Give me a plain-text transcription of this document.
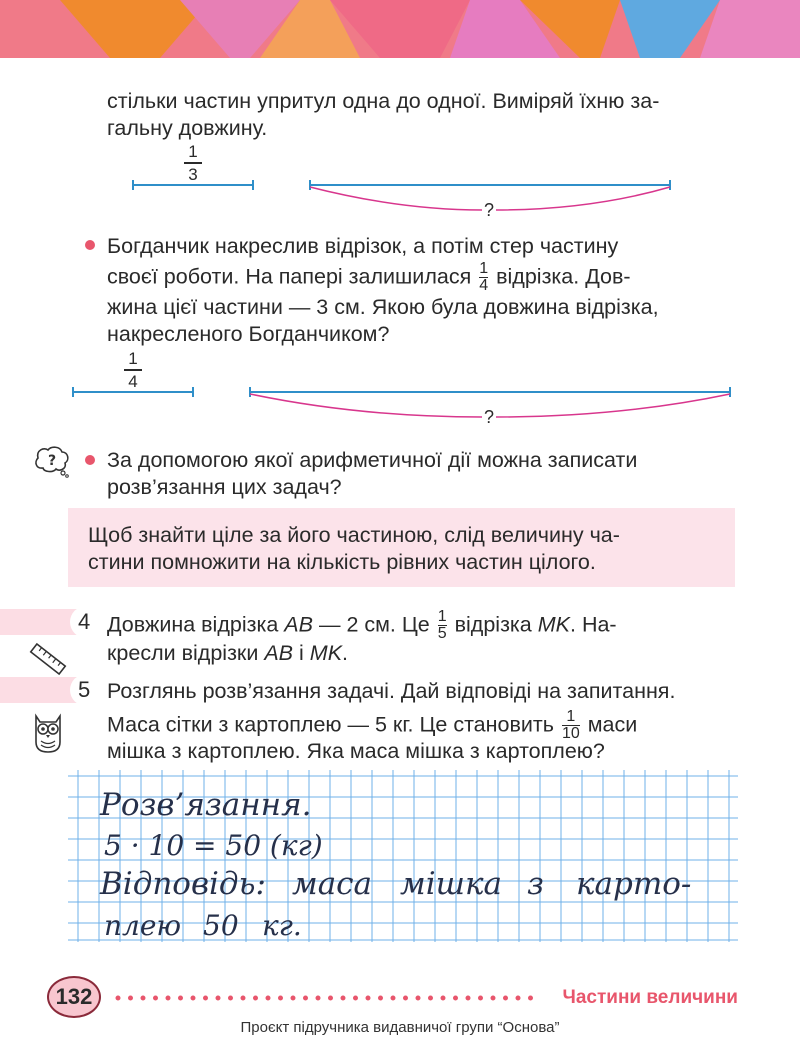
стільки частин упритул одна до одної. Виміряй їхню за-
гальну довжину.
1
3
?
Богданчик накреслив відрізок, а потім стер частину
своєї роботи. На папері залишилася $\frac{1}{4}$ відрізка. Дов-
жина цієї частини — 3 см. Якою була довжина відрізка,
накресленого Богданчиком?
1
4
?
? За допомогою якої арифметичної дії можна записати
розв’язання цих задач?
Щоб знайти ціле за його частиною, слід величину ча-
стини помножити на кількість рівних частин цілого.
4 Довжина відрізка AB — 2 см. Це $\frac{1}{5}$ відрізка MK. На-
кресли відрізки AB і MK.
5 Розглянь розв’язання задачі. Дай відповіді на запитання.
Маса сітки з картоплею — 5 кг. Це становить $\frac{1}{10}$ маси
мішка з картоплею. Яка маса мішка з картоплею?
Розв’язання.
5 · 10 = 50 (кг)
Відповідь: маса мішка з карто-
плею 50 кг.
132	Частини величини
Проєкт підручника видавничої групи “Основа”
